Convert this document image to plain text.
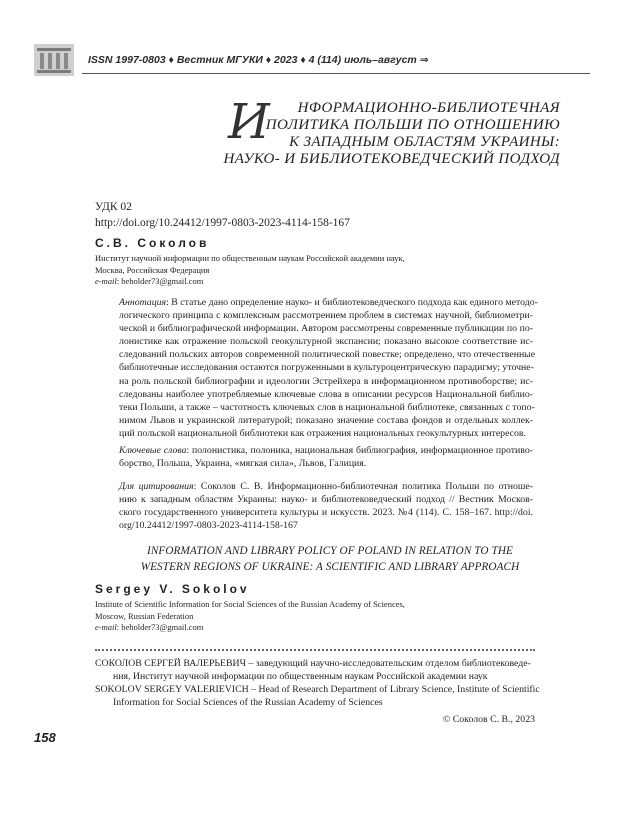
ISSN 1997-0803 ♦ Вестник МГУКИ ♦ 2023 ♦ 4 (114) июль–август ⇒
И	НФОРМАЦИОННО-БИБЛИОТЕЧНАЯ
ПОЛИТИКА ПОЛЬШИ ПО ОТНОШЕНИЮ
К ЗАПАДНЫМ ОБЛАСТЯМ УКРАИНЫ:
НАУКО- И БИБЛИОТЕКОВЕДЧЕСКИЙ ПОДХОД
УДК 02
http://doi.org/10.24412/1997-0803-2023-4114-158-167
С.В. Соколов
Институт научной информации по общественным наукам Российской академии наук,
Москва, Российская Федерация
e-mail: beholder73@gmail.com
Аннотация: В статье дано определение науко- и библиотековедческого подхода как единого методо-
логического принципа с комплексным рассмотрением проблем в системах научной, библиометри-
ческой и библиографической информации. Автором рассмотрены современные публикации по по-
лонистике как отражение польской геокультурной экспансии; показано высокое соответствие ис-
следований польских авторов современной политической повестке; определено, что отечественные
библиотечные исследования остаются погруженными в культуроцентрическую парадигму; уточне-
на роль польской библиографии и идеологии Эстрейхера в информационном противоборстве; ис-
следованы наиболее употребляемые ключевые слова в описании ресурсов Национальной библио-
теки Польши, а также – частотность ключевых слов в национальной библиотеке, связанных с топо-
нимом Львов и украинской литературой; показано значение состава фондов и отдельных коллек-
ций польской национальной библиотеки как отражения национальных геокультурных интересов.
Ключевые слова: полонистика, полоника, национальная библиография, информационное противо-
борство, Польша, Украина, «мягкая сила», Львов, Галиция.
Для цитирования: Соколов С. В. Информационно-библиотечная политика Польши по отноше-
нию к западным областям Украины: науко- и библиотековедческий подход // Вестник Москов-
ского государственного университета культуры и искусств. 2023. №4 (114). С. 158–167. http://doi.
org/10.24412/1997-0803-2023-4114-158-167
INFORMATION AND LIBRARY POLICY OF POLAND IN RELATION TO THE
WESTERN REGIONS OF UKRAINE: A SCIENTIFIC AND LIBRARY APPROACH
Sergey V. Sokolov
Institute of Scientific Information for Social Sciences of the Russian Academy of Sciences,
Moscow, Russian Federation
e-mail: beholder73@gmail.com
СОКОЛОВ СЕРГЕЙ ВАЛЕРЬЕВИЧ – заведующий научно-исследовательским отделом библиотековеде-
ния, Институт научной информации по общественным наукам Российской академии наук
SOKOLOV SERGEY VALERIEVICH – Head of Research Department of Library Science, Institute of Scientific
Information for Social Sciences of the Russian Academy of Sciences
© Соколов С. В., 2023
158
